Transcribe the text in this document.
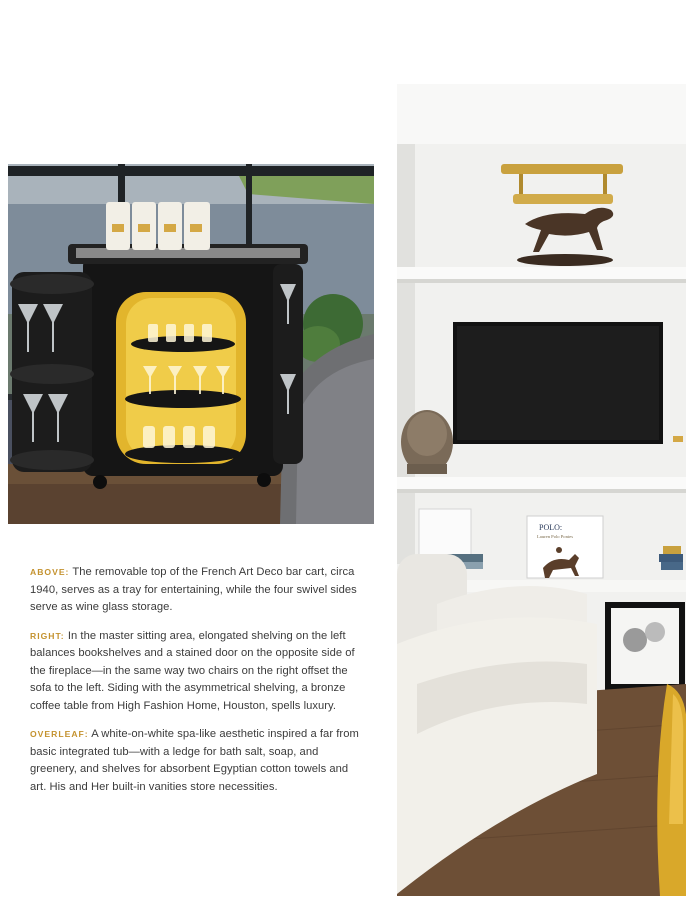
POLO:
Lauren Polo Ponies

ABOVE: The removable top of the French Art Deco bar cart, circa 1940, serves as a tray for entertaining, while the four swivel sides serve as wine glass storage.

RIGHT: In the master sitting area, elongated shelving on the left balances bookshelves and a stained door on the opposite side of the fireplace—in the same way two chairs on the right offset the sofa to the left. Siding with the asymmetrical shelving, a bronze coffee table from High Fashion Home, Houston, spells luxury.

OVERLEAF: A white-on-white spa-like aesthetic inspired a far from basic integrated tub—with a ledge for bath salt, soap, and greenery, and shelves for absorbent Egyptian cotton towels and art. His and Her built-in vanities store necessities.
